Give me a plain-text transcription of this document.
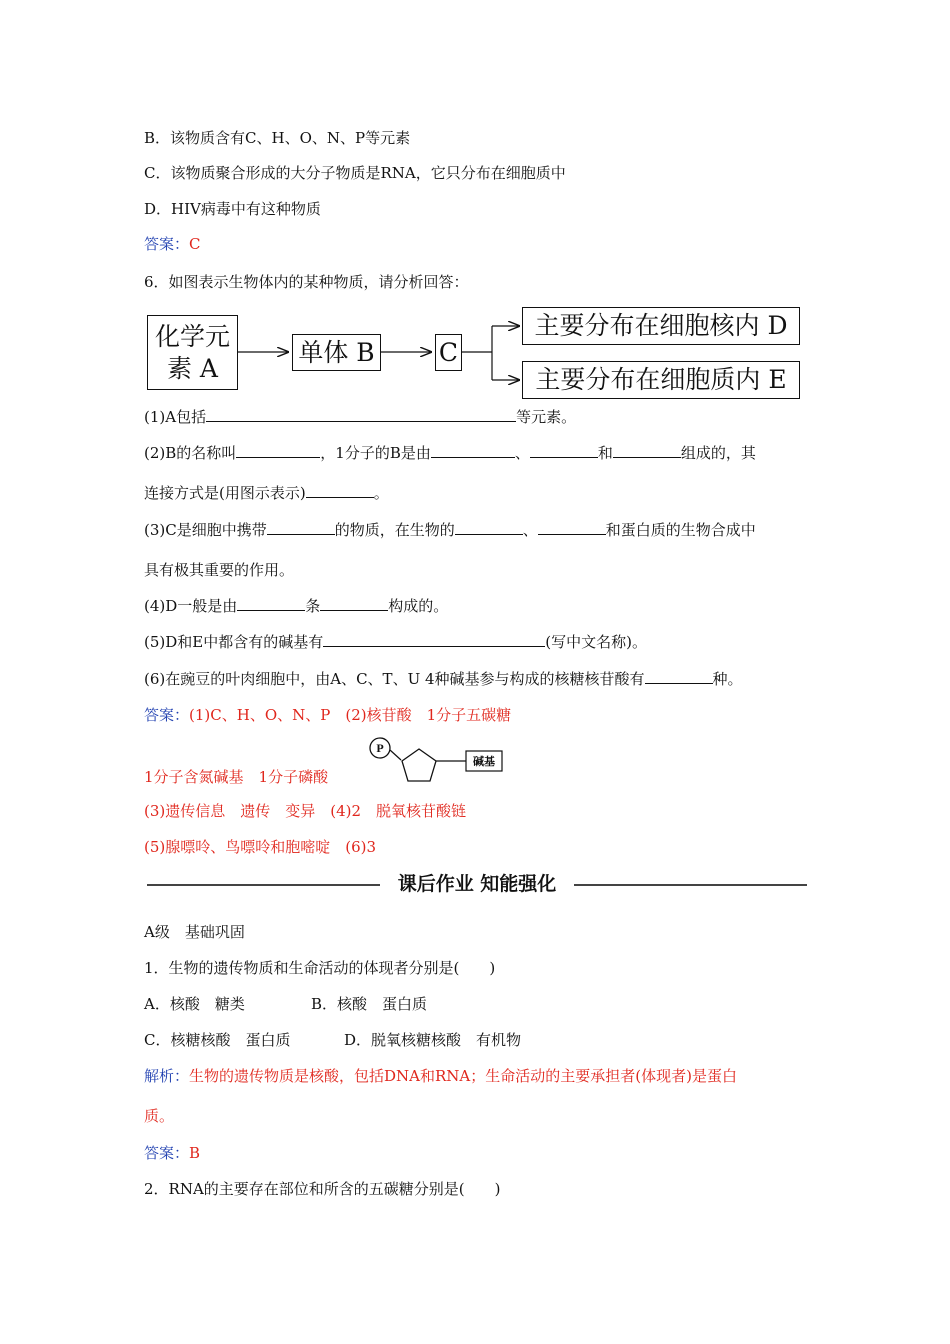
B．该物质含有C、H、O、N、P等元素
C．该物质聚合形成的大分子物质是RNA，它只分布在细胞质中
D．HIV病毒中有这种物质
答案：C
6．如图表示生物体内的某种物质，请分析回答：
化学元
素 A
单体 B	C
主要分布在细胞核内 D
主要分布在细胞质内 E
(1)A包括	等元素。
(2)B的名称叫	，1分子的B是由	、	和	组成的，其
连接方式是(用图示表示)	。
(3)C是细胞中携带	的物质，在生物的	、	和蛋白质的生物合成中
具有极其重要的作用。
(4)D一般是由	条	构成的。
(5)D和E中都含有的碱基有	(写中文名称)。
(6)在豌豆的叶肉细胞中，由A、C、T、U 4种碱基参与构成的核糖核苷酸有	种。
答案：(1)C、H、O、N、P　(2)核苷酸　1分子五碳糖
P
碱基
1分子含氮碱基　1分子磷酸
(3)遗传信息　遗传　变异　(4)2　脱氧核苷酸链
(5)腺嘌呤、鸟嘌呤和胞嘧啶　(6)3
课后作业 知能强化
A级　基础巩固
1．生物的遗传物质和生命活动的体现者分别是(　　)
A．核酸　糖类	B．核酸　蛋白质
C．核糖核酸　蛋白质	D．脱氧核糖核酸　有机物
解析：生物的遗传物质是核酸，包括DNA和RNA；生命活动的主要承担者(体现者)是蛋白
质。
答案：B
2．RNA的主要存在部位和所含的五碳糖分别是(　　)
